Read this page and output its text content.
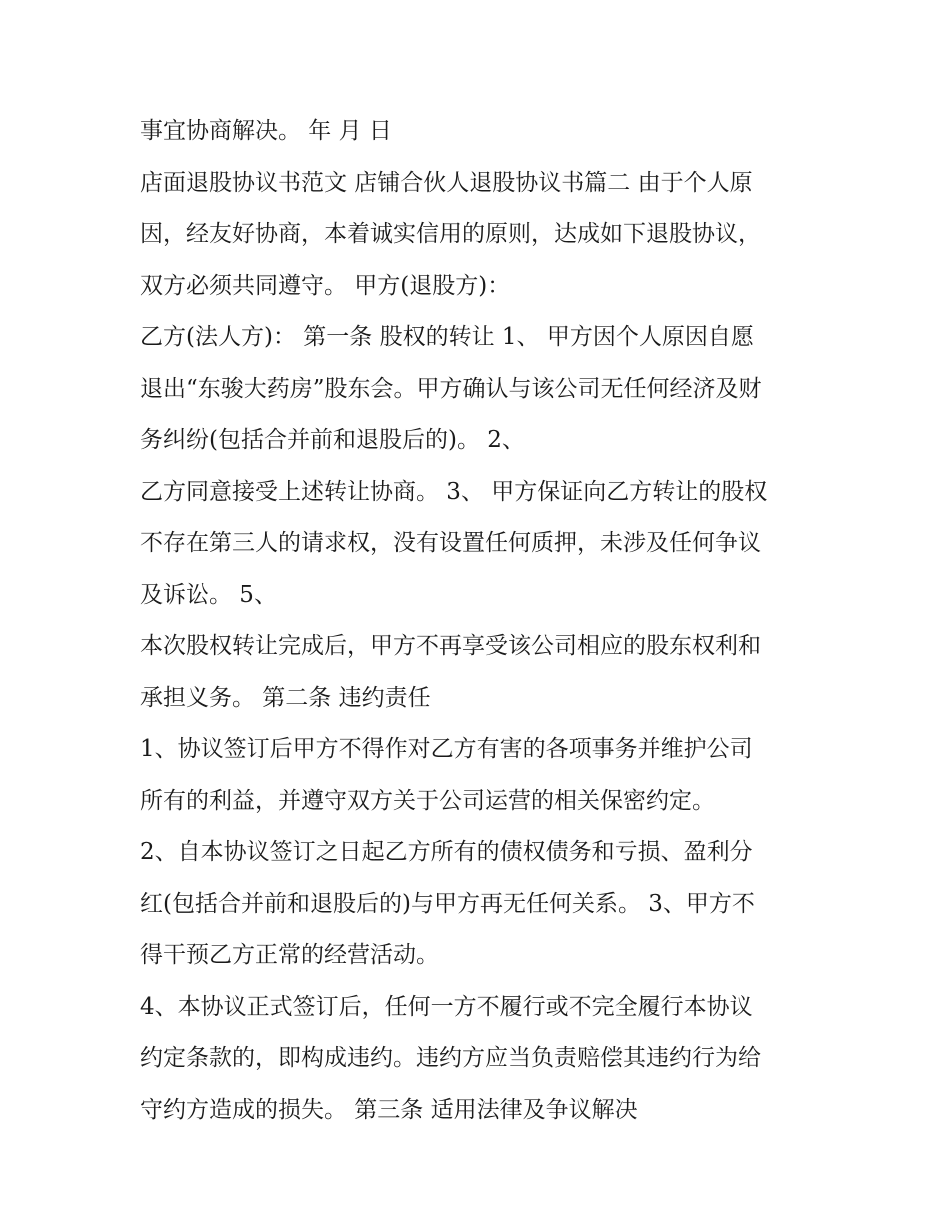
事宜协商解决。 年 月 日
店面退股协议书范文 店铺合伙人退股协议书篇二 由于个人原
因，经友好协商，本着诚实信用的原则，达成如下退股协议，
双方必须共同遵守。 甲方(退股方)：
乙方(法人方)： 第一条 股权的转让 1、 甲方因个人原因自愿
退出“东骏大药房”股东会。甲方确认与该公司无任何经济及财
务纠纷(包括合并前和退股后的)。 2、
乙方同意接受上述转让协商。 3、 甲方保证向乙方转让的股权
不存在第三人的请求权，没有设置任何质押，未涉及任何争议
及诉讼。 5、
本次股权转让完成后，甲方不再享受该公司相应的股东权利和
承担义务。 第二条 违约责任
1、协议签订后甲方不得作对乙方有害的各项事务并维护公司
所有的利益，并遵守双方关于公司运营的相关保密约定。
2、自本协议签订之日起乙方所有的债权债务和亏损、盈利分
红(包括合并前和退股后的)与甲方再无任何关系。 3、甲方不
得干预乙方正常的经营活动。
4、本协议正式签订后，任何一方不履行或不完全履行本协议
约定条款的，即构成违约。违约方应当负责赔偿其违约行为给
守约方造成的损失。 第三条 适用法律及争议解决
